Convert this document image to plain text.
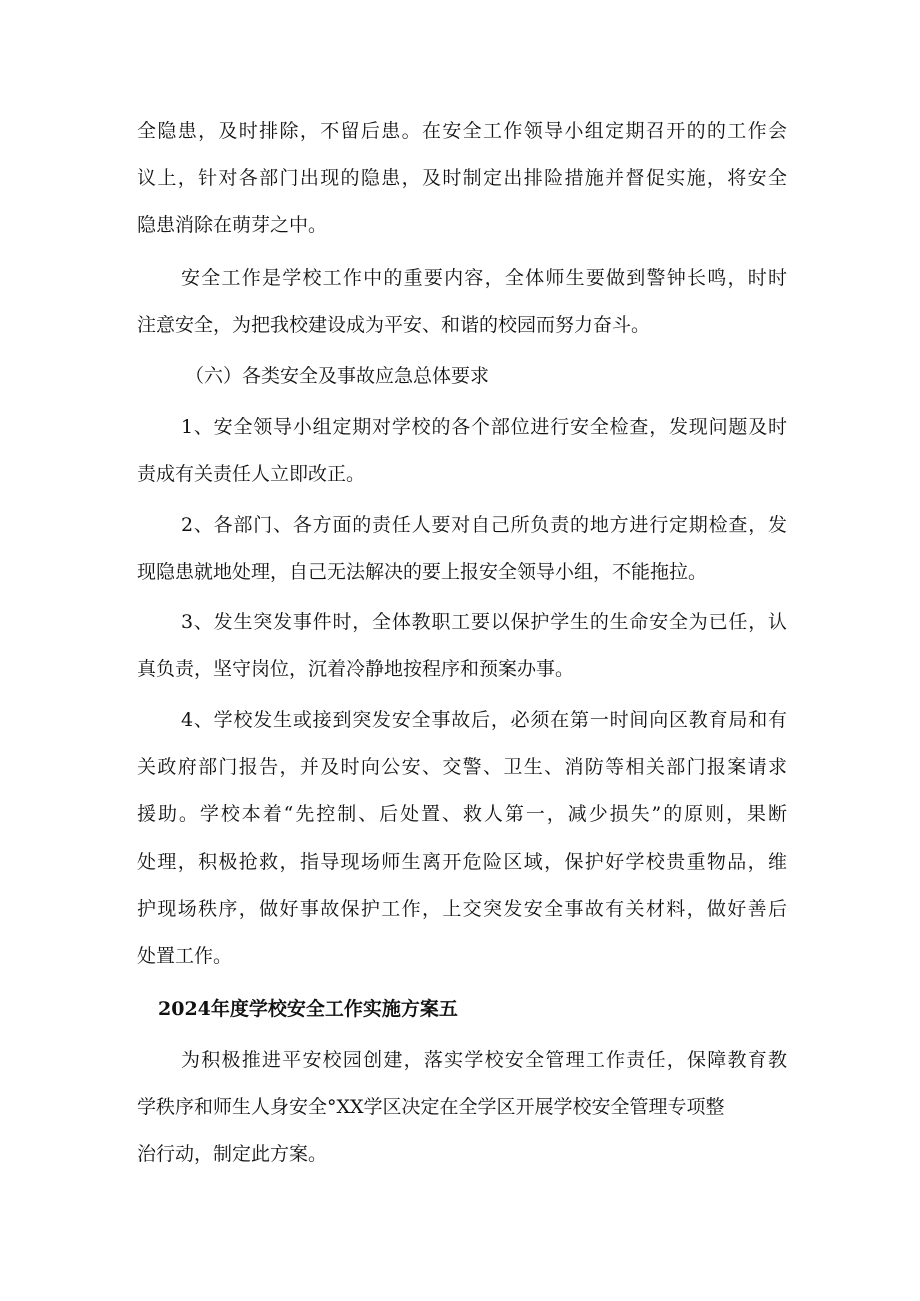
全隐患，及时排除，不留后患。在安全工作领导小组定期召开的的工作会
议上，针对各部门出现的隐患，及时制定出排险措施并督促实施，将安全
隐患消除在萌芽之中。
安全工作是学校工作中的重要内容，全体师生要做到警钟长鸣，时时
注意安全，为把我校建设成为平安、和谐的校园而努力奋斗。
（六）各类安全及事故应急总体要求
1、安全领导小组定期对学校的各个部位进行安全检查，发现问题及时
责成有关责任人立即改正。
2、各部门、各方面的责任人要对自己所负责的地方进行定期检查，发
现隐患就地处理，自己无法解决的要上报安全领导小组，不能拖拉。
3、发生突发事件时，全体教职工要以保护学生的生命安全为已任，认
真负责，坚守岗位，沉着冷静地按程序和预案办事。
4、学校发生或接到突发安全事故后，必须在第一时间向区教育局和有
关政府部门报告，并及时向公安、交警、卫生、消防等相关部门报案请求
援助。学校本着“先控制、后处置、救人第一，减少损失”的原则，果断
处理，积极抢救，指导现场师生离开危险区域，保护好学校贵重物品，维
护现场秩序，做好事故保护工作，上交突发安全事故有关材料，做好善后
处置工作。
2024年度学校安全工作实施方案五
为积极推进平安校园创建，落实学校安全管理工作责任，保障教育教
学秩序和师生人身安全°XX学区决定在全学区开展学校安全管理专项整
治行动，制定此方案。
